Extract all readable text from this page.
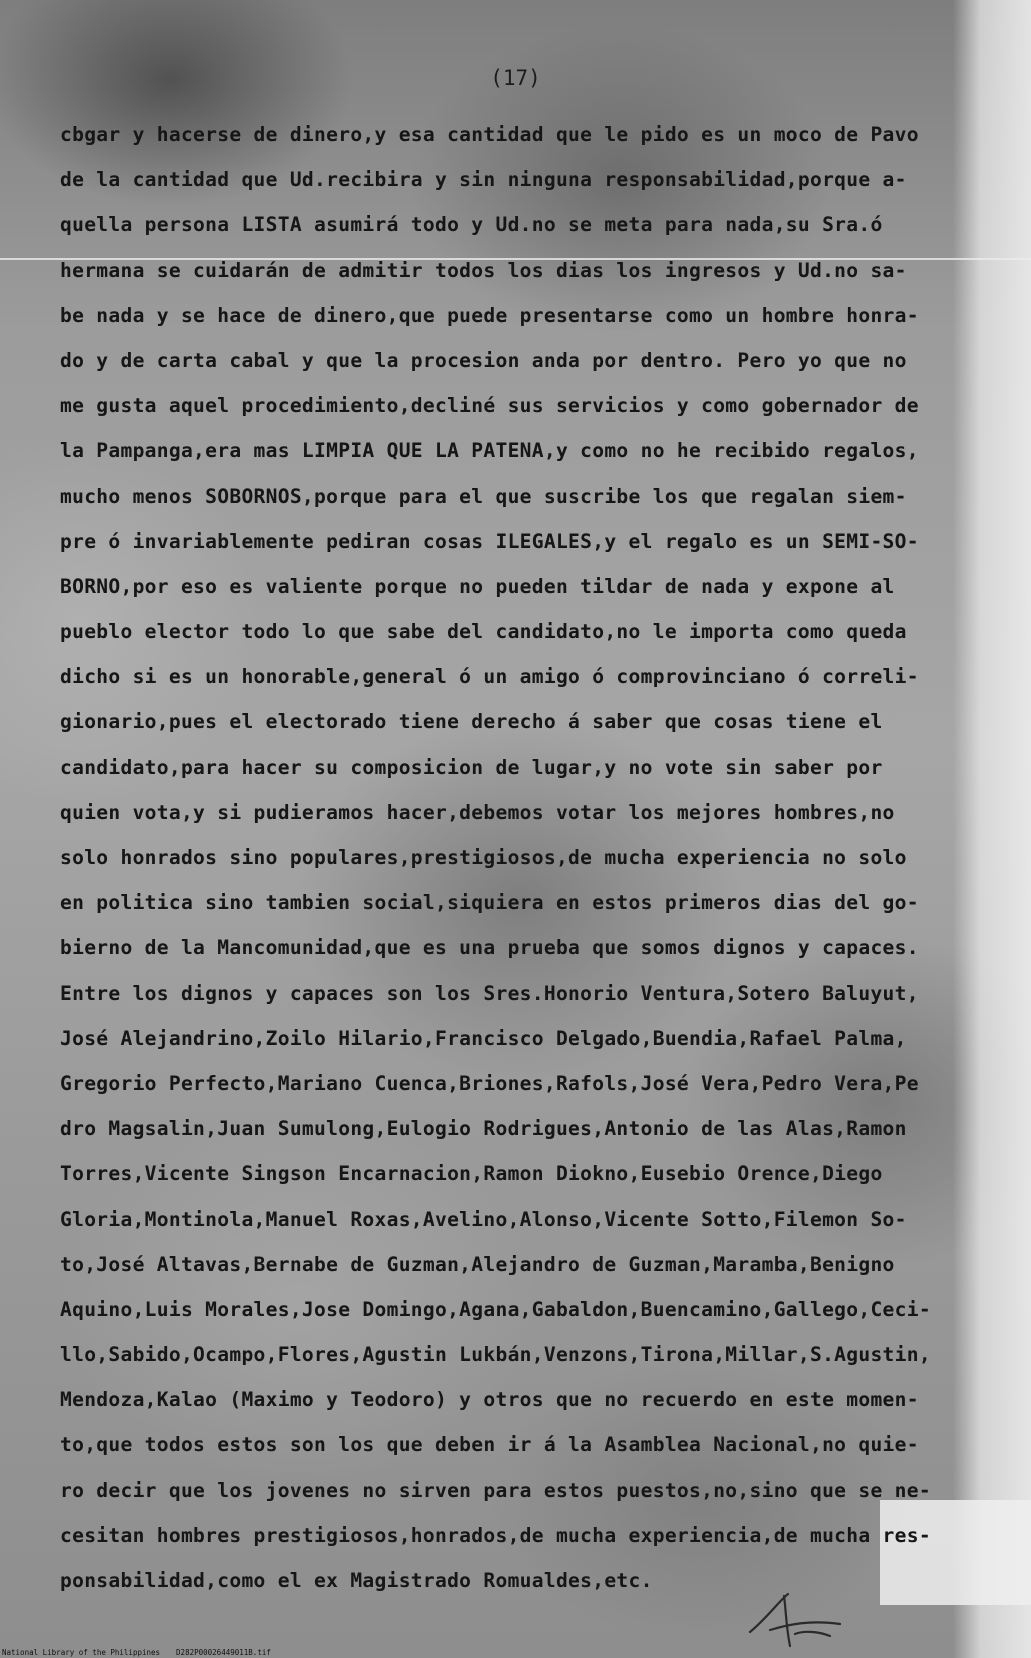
(17)

cbgar y hacerse de dinero,y esa cantidad que le pido es un moco de Pavo
de la cantidad que Ud.recibira y sin ninguna responsabilidad,porque a-
quella persona LISTA asumirá todo y Ud.no se meta para nada,su Sra.ó
hermana se cuidarán de admitir todos los dias los ingresos y Ud.no sa-
be nada y se hace de dinero,que puede presentarse como un hombre honra-
do y de carta cabal y que la procesion anda por dentro. Pero yo que no
me gusta aquel procedimiento,decliné sus servicios y como gobernador de
la Pampanga,era mas LIMPIA QUE LA PATENA,y como no he recibido regalos,
mucho menos SOBORNOS,porque para el que suscribe los que regalan siem-
pre ó invariablemente pediran cosas ILEGALES,y el regalo es un SEMI-SO-
BORNO,por eso es valiente porque no pueden tildar de nada y expone al
pueblo elector todo lo que sabe del candidato,no le importa como queda
dicho si es un honorable,general ó un amigo ó comprovinciano ó correli-
gionario,pues el electorado tiene derecho á saber que cosas tiene el
candidato,para hacer su composicion de lugar,y no vote sin saber por
quien vota,y si pudieramos hacer,debemos votar los mejores hombres,no
solo honrados sino populares,prestigiosos,de mucha experiencia no solo
en politica sino tambien social,siquiera en estos primeros dias del go-
bierno de la Mancomunidad,que es una prueba que somos dignos y capaces.
Entre los dignos y capaces son los Sres.Honorio Ventura,Sotero Baluyut,
José Alejandrino,Zoilo Hilario,Francisco Delgado,Buendia,Rafael Palma,
Gregorio Perfecto,Mariano Cuenca,Briones,Rafols,José Vera,Pedro Vera,Pe
dro Magsalin,Juan Sumulong,Eulogio Rodrigues,Antonio de las Alas,Ramon
Torres,Vicente Singson Encarnacion,Ramon Diokno,Eusebio Orence,Diego
Gloria,Montinola,Manuel Roxas,Avelino,Alonso,Vicente Sotto,Filemon So-
to,José Altavas,Bernabe de Guzman,Alejandro de Guzman,Maramba,Benigno
Aquino,Luis Morales,Jose Domingo,Agana,Gabaldon,Buencamino,Gallego,Ceci-
llo,Sabido,Ocampo,Flores,Agustin Lukbán,Venzons,Tirona,Millar,S.Agustin,
Mendoza,Kalao (Maximo y Teodoro) y otros que no recuerdo en este momen-
to,que todos estos son los que deben ir á la Asamblea Nacional,no quie-
ro decir que los jovenes no sirven para estos puestos,no,sino que se ne-
cesitan hombres prestigiosos,honrados,de mucha experiencia,de mucha res-
ponsabilidad,como el ex Magistrado Romualdes,etc.
National Library of the Philippines D282P00026449011B.tif
